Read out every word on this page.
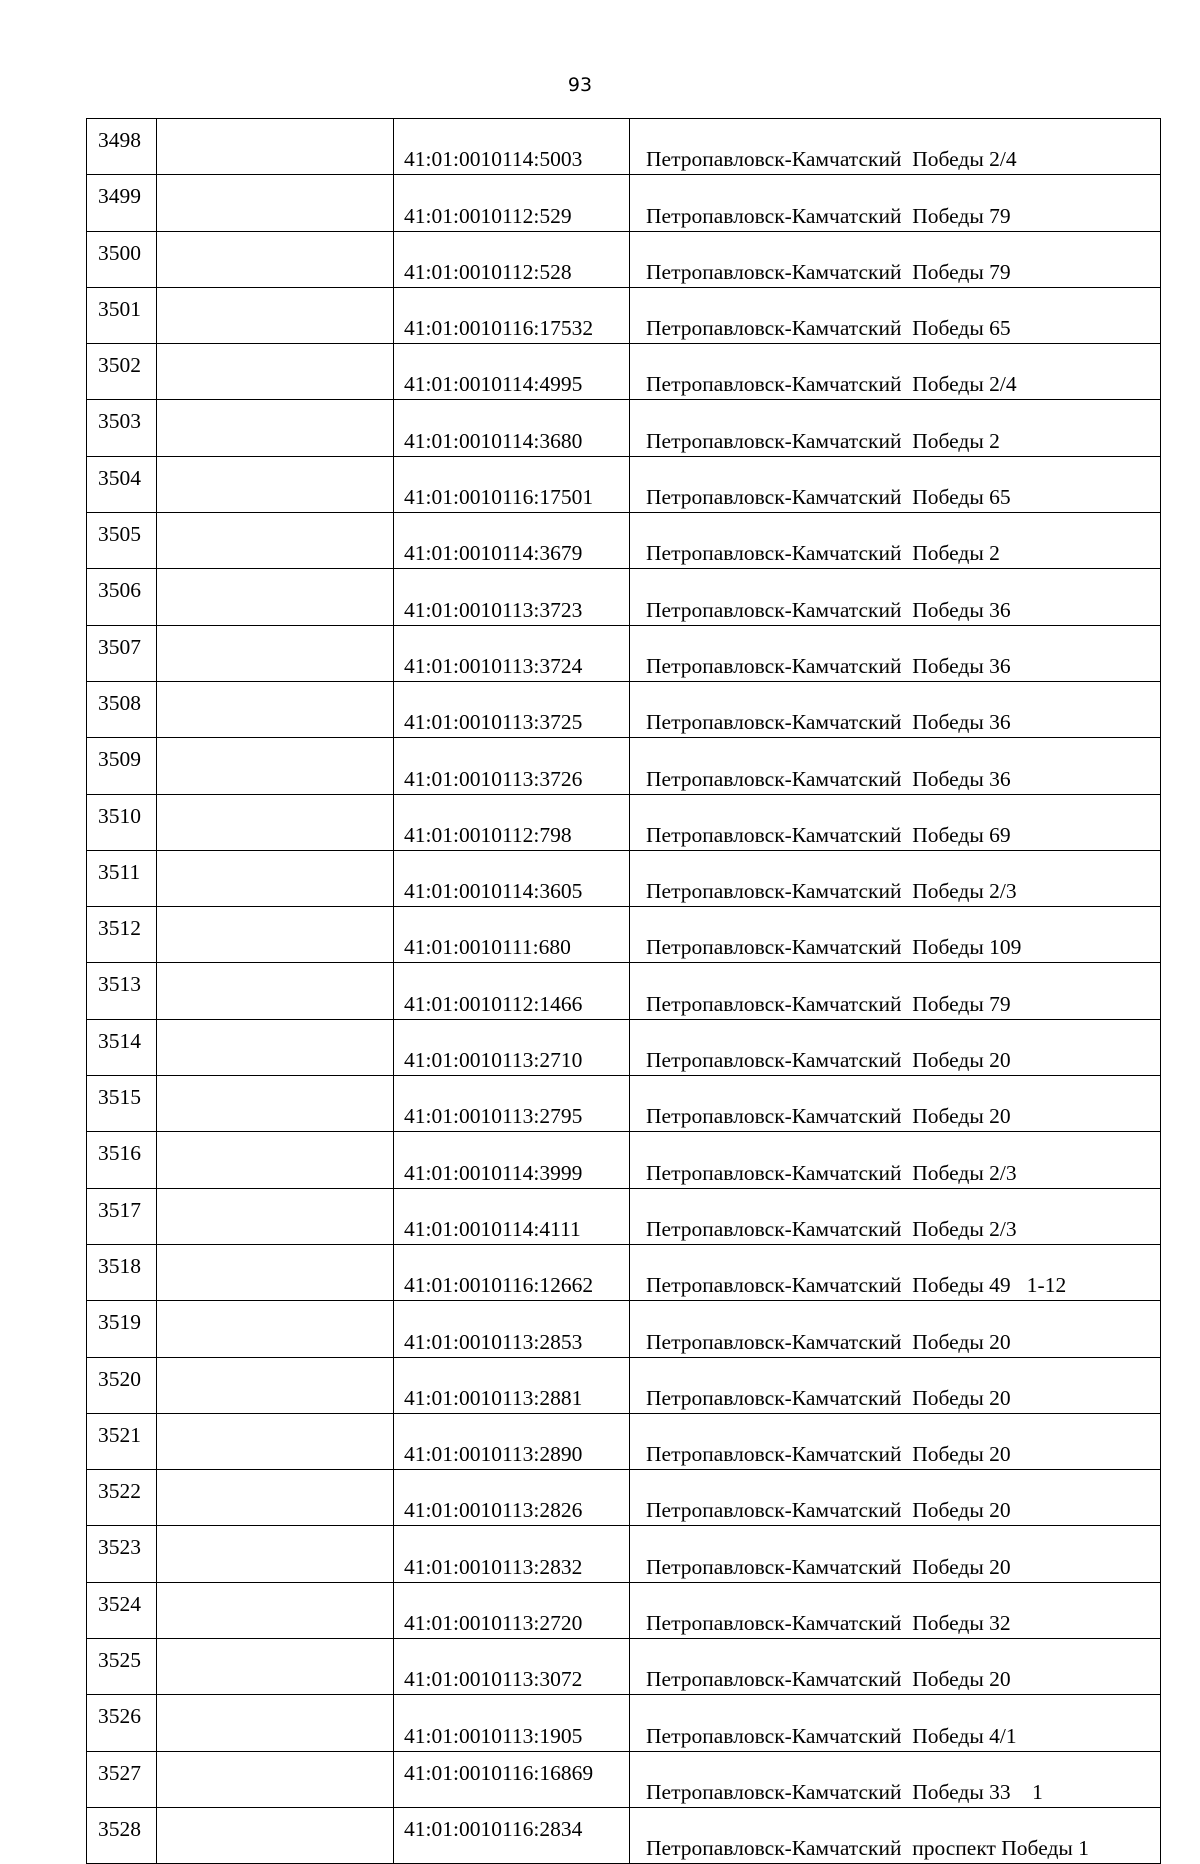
93
3498		41:01:0010114:5003	Петропавловск-Камчатский  Победы 2/4
3499		41:01:0010112:529	Петропавловск-Камчатский  Победы 79
3500		41:01:0010112:528	Петропавловск-Камчатский  Победы 79
3501		41:01:0010116:17532	Петропавловск-Камчатский  Победы 65
3502		41:01:0010114:4995	Петропавловск-Камчатский  Победы 2/4
3503		41:01:0010114:3680	Петропавловск-Камчатский  Победы 2
3504		41:01:0010116:17501	Петропавловск-Камчатский  Победы 65
3505		41:01:0010114:3679	Петропавловск-Камчатский  Победы 2
3506		41:01:0010113:3723	Петропавловск-Камчатский  Победы 36
3507		41:01:0010113:3724	Петропавловск-Камчатский  Победы 36
3508		41:01:0010113:3725	Петропавловск-Камчатский  Победы 36
3509		41:01:0010113:3726	Петропавловск-Камчатский  Победы 36
3510		41:01:0010112:798	Петропавловск-Камчатский  Победы 69
3511		41:01:0010114:3605	Петропавловск-Камчатский  Победы 2/3
3512		41:01:0010111:680	Петропавловск-Камчатский  Победы 109
3513		41:01:0010112:1466	Петропавловск-Камчатский  Победы 79
3514		41:01:0010113:2710	Петропавловск-Камчатский  Победы 20
3515		41:01:0010113:2795	Петропавловск-Камчатский  Победы 20
3516		41:01:0010114:3999	Петропавловск-Камчатский  Победы 2/3
3517		41:01:0010114:4111	Петропавловск-Камчатский  Победы 2/3
3518		41:01:0010116:12662	Петропавловск-Камчатский  Победы 49   1-12
3519		41:01:0010113:2853	Петропавловск-Камчатский  Победы 20
3520		41:01:0010113:2881	Петропавловск-Камчатский  Победы 20
3521		41:01:0010113:2890	Петропавловск-Камчатский  Победы 20
3522		41:01:0010113:2826	Петропавловск-Камчатский  Победы 20
3523		41:01:0010113:2832	Петропавловск-Камчатский  Победы 20
3524		41:01:0010113:2720	Петропавловск-Камчатский  Победы 32
3525		41:01:0010113:3072	Петропавловск-Камчатский  Победы 20
3526		41:01:0010113:1905	Петропавловск-Камчатский  Победы 4/1
3527		41:01:0010116:16869	Петропавловск-Камчатский  Победы 33    1
3528		41:01:0010116:2834	Петропавловск-Камчатский  проспект Победы 1
